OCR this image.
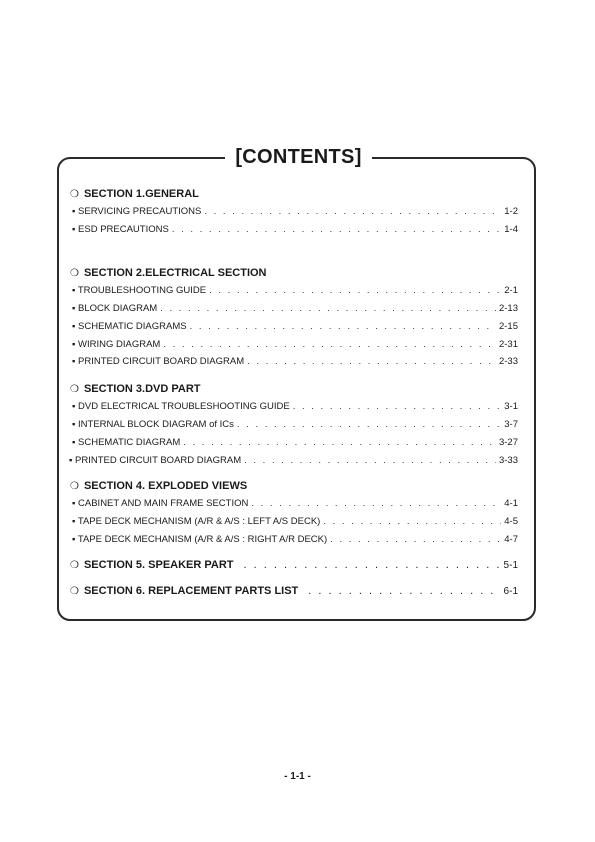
[CONTENTS]
❍ SECTION 1.GENERAL
▪ SERVICING PRECAUTIONS . . .	1-2
▪ ESD PRECAUTIONS . . .	1-4
❍ SECTION 2.ELECTRICAL SECTION
▪ TROUBLESHOOTING GUIDE . . .	2-1
▪ BLOCK DIAGRAM . . .	2-13
▪ SCHEMATIC DIAGRAMS . . .	2-15
▪ WIRING DIAGRAM . . .	2-31
▪ PRINTED CIRCUIT BOARD DIAGRAM . . .	2-33
❍ SECTION 3.DVD PART
▪ DVD ELECTRICAL TROUBLESHOOTING GUIDE . . .	3-1
▪ INTERNAL BLOCK DIAGRAM of ICs . . .	3-7
▪ SCHEMATIC DIAGRAM . . .	3-27
▪ PRINTED CIRCUIT BOARD DIAGRAM . . .	3-33
❍ SECTION 4. EXPLODED VIEWS
▪ CABINET AND MAIN FRAME SECTION . . .	4-1
▪ TAPE DECK MECHANISM (A/R & A/S : LEFT A/S DECK) . . .	4-5
▪ TAPE DECK MECHANISM (A/R & A/S : RIGHT A/R DECK) . . .	4-7
❍ SECTION 5. SPEAKER PART . . .	5-1
❍ SECTION 6. REPLACEMENT PARTS LIST . . .	6-1
- 1-1 -
